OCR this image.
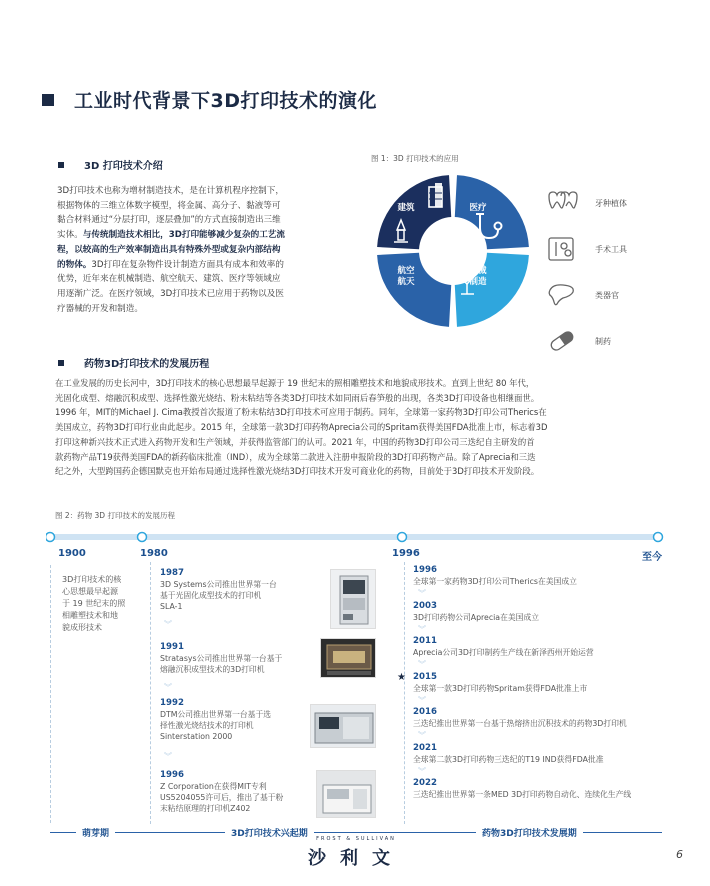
工业时代背景下3D打印技术的演化
3D 打印技术介绍
3D打印技术也称为增材制造技术，是在计算机程序控制下，
根据物体的三维立体数字模型，将金属、高分子、黏液等可
黏合材料通过“分层打印，逐层叠加”的方式直接制造出三维
实体。与传统制造技术相比，3D打印能够减少复杂的工艺流
程，以较高的生产效率制造出具有特殊外型或复杂内部结构
的物体。3D打印在复杂物件设计制造方面具有成本和效率的
优势，近年来在机械制造、航空航天、建筑、医疗等领域应
用逐渐广泛。在医疗领域，3D打印技术已应用于药物以及医
疗器械的开发和制造。
图 1：3D 打印技术的应用
建筑	医疗
机械
制造
航空
航天
牙种植体
手术工具
类器官
制药
药物3D打印技术的发展历程
在工业发展的历史长河中，3D打印技术的核心思想最早起源于 19 世纪末的照相雕塑技术和地貌成形技术。直到上世纪 80 年代，
光固化成型、熔融沉积成型、选择性激光烧结、粉末粘结等各类3D打印技术如同雨后春笋般的出现，各类3D打印设备也相继面世。
1996 年，MIT的Michael J. Cima教授首次报道了粉末粘结3D打印技术可应用于制药。同年，全球第一家药物3D打印公司Therics在
美国成立，药物3D打印行业由此起步。2015 年，全球第一款3D打印药物Aprecia公司的Spritam获得美国FDA批准上市，标志着3D
打印这种新兴技术正式进入药物开发和生产领域，并获得监管部门的认可。2021 年，中国的药物3D打印公司三迭纪自主研发的首
款药物产品T19获得美国FDA的新药临床批准（IND），成为全球第二款进入注册申报阶段的3D打印药物产品。除了Aprecia和三迭
纪之外，大型跨国药企德国默克也开始布局通过选择性激光烧结3D打印技术开发可商业化的药物，目前处于3D打印技术开发阶段。
图 2：药物 3D 打印技术的发展历程
1900	1980	1996	至今
3D打印技术的核
心思想最早起源
于 19 世纪末的照
相雕塑技术和地
貌成形技术
1987
3D Systems公司推出世界第一台
基于光固化成型技术的打印机
SLA-1
︾
1991
Stratasys公司推出世界第一台基于
熔融沉积成型技术的3D打印机
︾
1992
DTM公司推出世界第一台基于选
择性激光烧结技术的打印机
Sinterstation 2000
︾
1996
Z Corporation在获得MIT专利
US5204055许可后，推出了基于粉
末粘结原理的打印机Z402
1996
全球第一家药物3D打印公司Therics在美国成立
︾
2003
3D打印药物公司Aprecia在美国成立
︾
2011
Aprecia公司3D打印制药生产线在新泽西州开始运营
︾
2015
全球第一款3D打印药物Spritam获得FDA批准上市
︾
2016
三迭纪推出世界第一台基于热熔挤出沉积技术的药物3D打印机
︾
2021
全球第二款3D打印药物三迭纪的T19 IND获得FDA批准
︾
2022
三迭纪推出世界第一条MED 3D打印药物自动化、连续化生产线
★
萌芽期	3D打印技术兴起期	药物3D打印技术发展期
FROST & SULLIVAN
沙利文	6
